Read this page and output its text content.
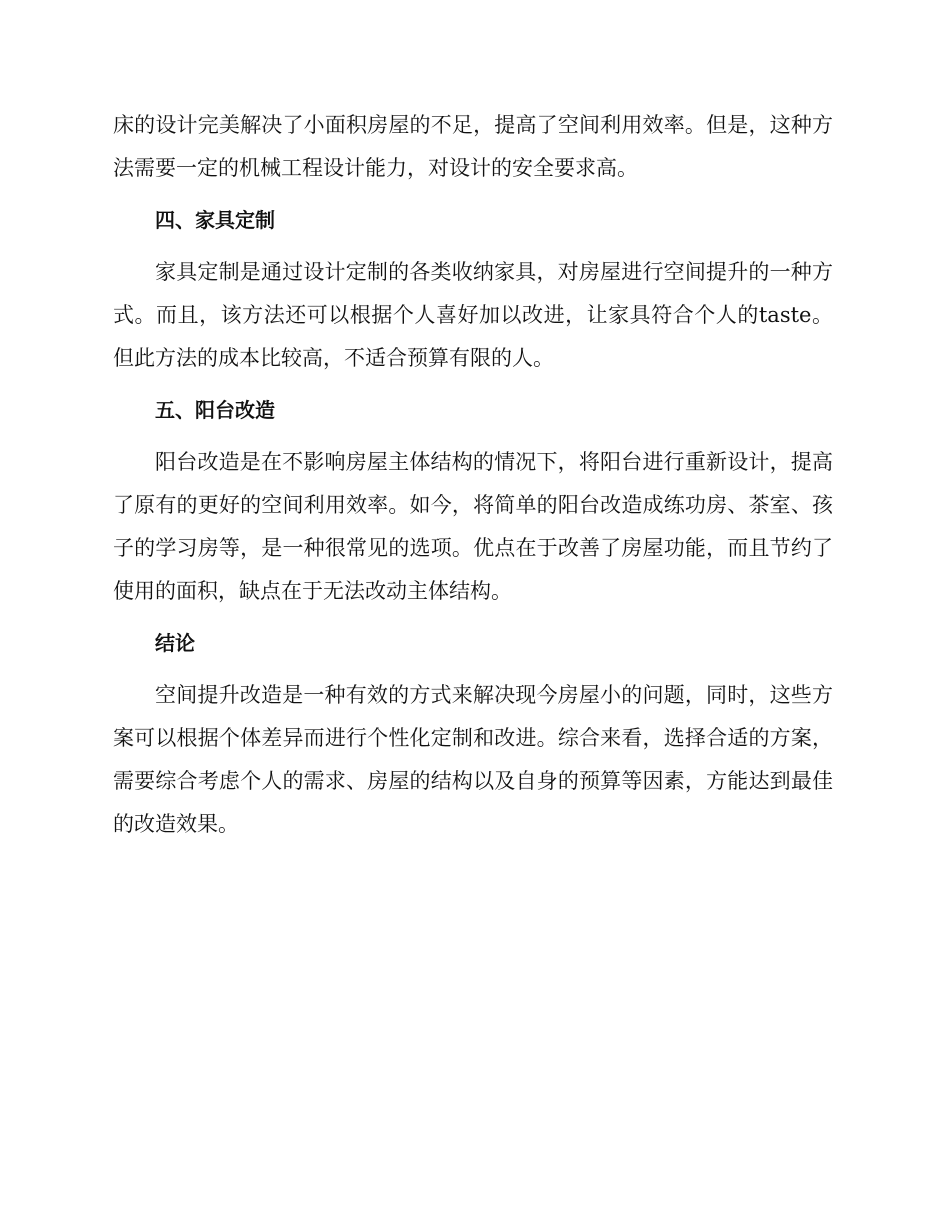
床的设计完美解决了小面积房屋的不足，提高了空间利用效率。但是，这种方法需要一定的机械工程设计能力，对设计的安全要求高。

四、家具定制

家具定制是通过设计定制的各类收纳家具，对房屋进行空间提升的一种方式。而且，该方法还可以根据个人喜好加以改进，让家具符合个人的taste。但此方法的成本比较高，不适合预算有限的人。

五、阳台改造

阳台改造是在不影响房屋主体结构的情况下，将阳台进行重新设计，提高了原有的更好的空间利用效率。如今，将简单的阳台改造成练功房、茶室、孩子的学习房等，是一种很常见的选项。优点在于改善了房屋功能，而且节约了使用的面积，缺点在于无法改动主体结构。

结论

空间提升改造是一种有效的方式来解决现今房屋小的问题，同时，这些方案可以根据个体差异而进行个性化定制和改进。综合来看，选择合适的方案，需要综合考虑个人的需求、房屋的结构以及自身的预算等因素，方能达到最佳的改造效果。
